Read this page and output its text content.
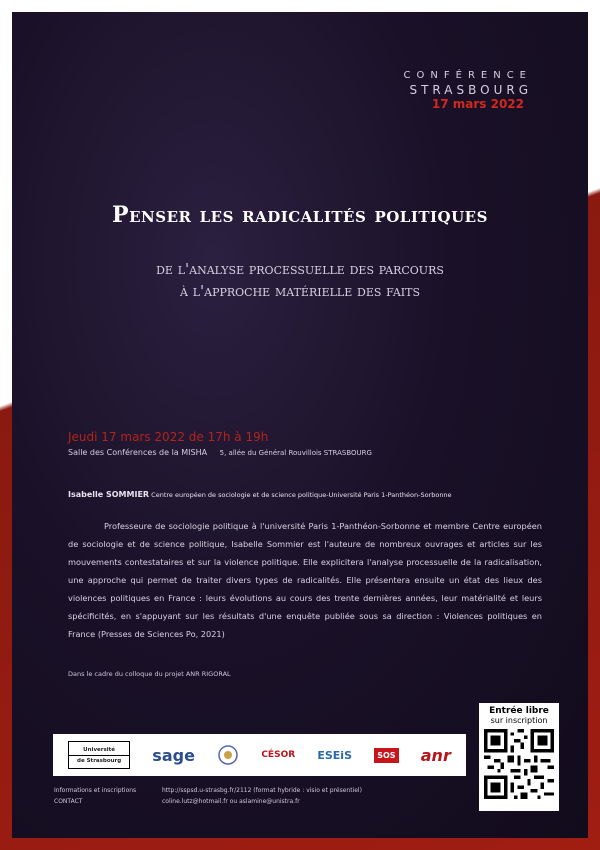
CONFÉRENCE
STRASBOURG
17 mars 2022
Penser les radicalités politiques
de l'analyse processuelle des parcours
à l'approche matérielle des faits
Jeudi 17 mars 2022 de 17h à 19h
Salle des Conférences de la MISHA 5, allée du Général Rouvillois STRASBOURG
Isabelle SOMMIER Centre européen de sociologie et de science politique-Université Paris 1-Panthéon-Sorbonne
Professeure de sociologie politique à l'université Paris 1-Panthéon-Sorbonne et membre Centre européen de sociologie et de science politique, Isabelle Sommier est l'auteure de nombreux ouvrages et articles sur les mouvements contestataires et sur la violence politique. Elle explicitera l'analyse processuelle de la radicalisation, une approche qui permet de traiter divers types de radicalités. Elle présentera ensuite un état des lieux des violences politiques en France : leurs évolutions au cours des trente dernières années, leur matérialité et leurs spécificités, en s'appuyant sur les résultats d'une enquête publiée sous sa direction : Violences politiques en France (Presses de Sciences Po, 2021)
Dans le cadre du colloque du projet ANR RIGORAL
Université
de Strasbourg sage	CÉSOR ESEiS	SOS anr
Informations et inscriptions
CONTACT
http://sspsd.u-strasbg.fr/2112 (format hybride : visio et présentiel)
coline.lutz@hotmail.fr ou aslamine@unistra.fr
Entrée libre
sur inscription
